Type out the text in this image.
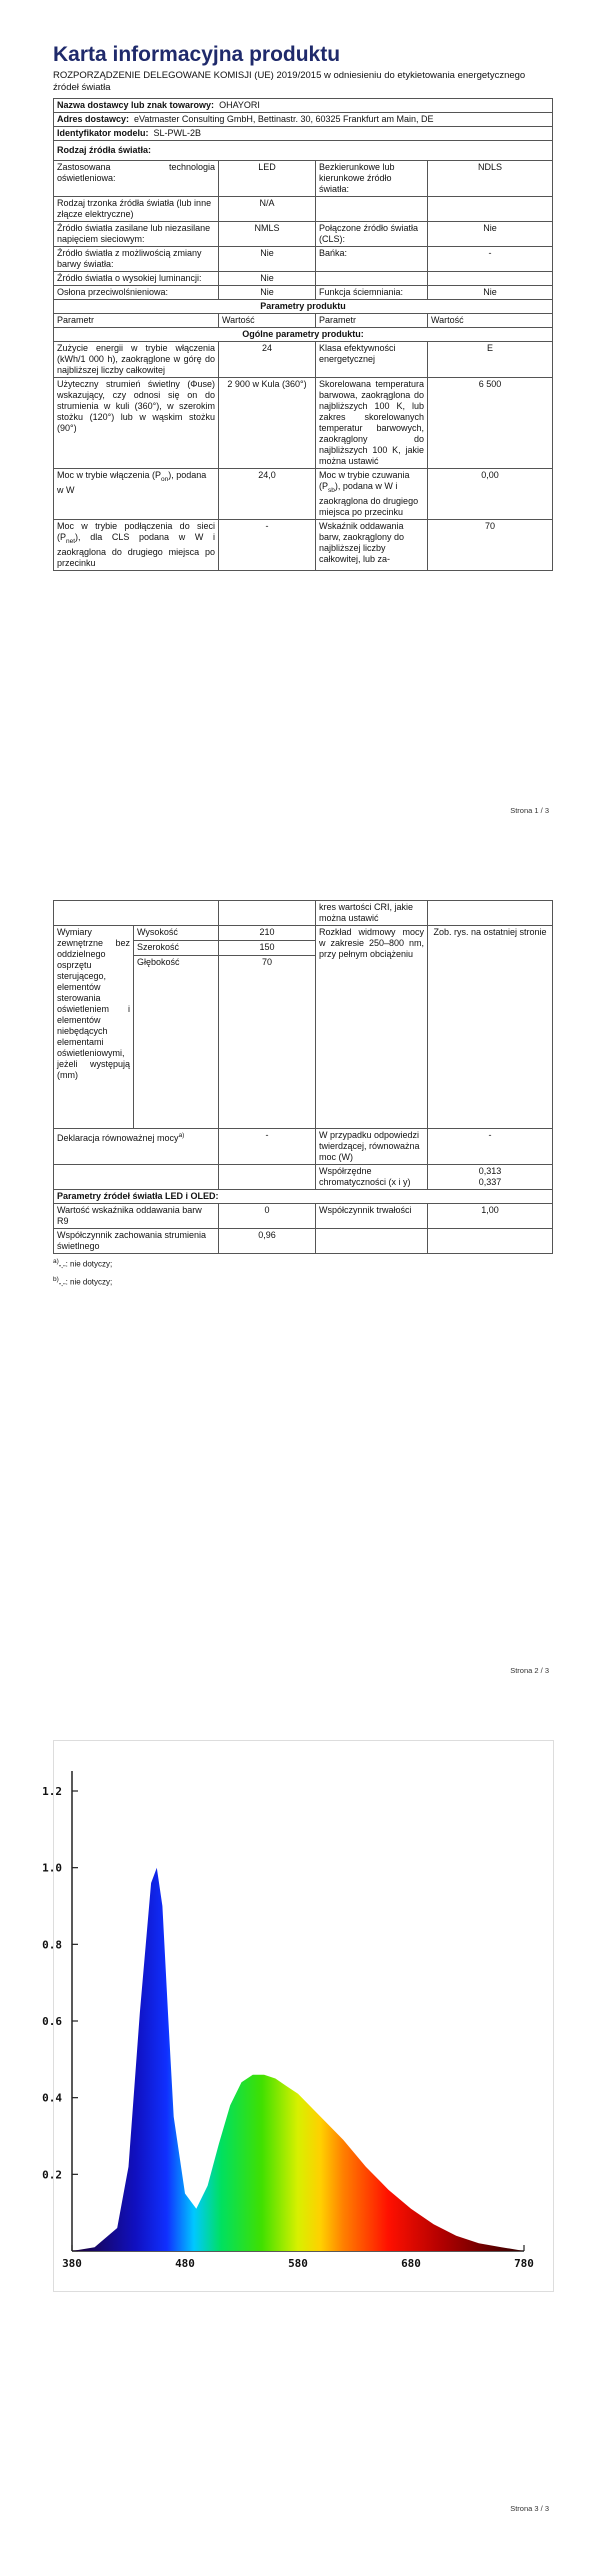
Karta informacyjna produktu
ROZPORZĄDZENIE DELEGOWANE KOMISJI (UE) 2019/2015 w odniesieniu do etykietowania energetycznego źródeł światła
Nazwa dostawcy lub znak towarowy: OHAYORI			
Adres dostawcy: eVatmaster Consulting GmbH, Bettinastr. 30, 60325 Frankfurt am Main, DE			
Identyfikator modelu: SL-PWL-2B			
Rodzaj źródła światła:			
Zastosowana technologia oświetleniowa:	LED	Bezkierunkowe lub kierunkowe źródło światła:	NDLS
Rodzaj trzonka źródła światła (lub inne złącze elektryczne)	N/A		
Źródło światła zasilane lub niezasilane napięciem sieciowym:	NMLS	Połączone źródło światła (CLS):	Nie
Źródło światła z możliwością zmiany barwy światła:	Nie	Bańka:	-
Źródło światła o wysokiej luminancji:	Nie		
Osłona przeciwolśnieniowa:	Nie	Funkcja ściemniania:	Nie
Parametry produktu			
Parametr	Wartość	Parametr	Wartość
Ogólne parametry produktu:			
Zużycie energii w trybie włączenia (kWh/1 000 h), zaokrąglone w górę do najbliższej liczby całkowitej	24	Klasa efektywności energetycznej	E
Użyteczny strumień świetlny (Φuse) wskazujący, czy odnosi się on do strumienia w kuli (360°), w szerokim stożku (120°) lub w wąskim stożku (90°)	2 900 w Kula (360°)	Skorelowana temperatura barwowa, zaokrąglona do najbliższych 100 K, lub zakres skorelowanych temperatur barwowych, zaokrąglony do najbliższych 100 K, jakie można ustawić	6 500
Moc w trybie włączenia $(P_{on})$, podana w W	24,0	Moc w trybie czuwania $(P_{sb})$, podana w W i zaokrąglona do drugiego miejsca po przecinku	0,00
Moc w trybie podłączenia do sieci $(P_{net})$, dla CLS podana w W i zaokrąglona do drugiego miejsca po przecinku	-	Wskaźnik oddawania barw, zaokrąglony do najbliższej liczby całkowitej, lub za-	70
Strona 1 / 3
			kres wartości CRI, jakie można ustawić	
Wymiary zewnętrzne bez oddzielnego osprzętu sterującego, elementów sterowania oświetleniem i elementów niebędących elementami oświetleniowymi, jeżeli występują (mm)	Wysokość	210	Rozkład widmowy mocy w zakresie 250–800 nm, przy pełnym obciążeniu	Zob. rys. na ostatniej stronie
	Szerokość	150		
	Głębokość	70		
Deklaracja równoważnej mocy$^{a)}$		-	W przypadku odpowiedzi twierdzącej, równoważna moc (W)	-
			Współrzędne chromatyczności (x i y)	0,313
0,337

Parametry źródeł światła LED i OLED:				
Wartość wskaźnika oddawania barw R9		0	Współczynnik trwałości	1,00
Współczynnik zachowania strumienia świetlnego		0,96		
$^{a)}_{"-"}$: nie dotyczy;
$^{b)}_{"-"}$: nie dotyczy;
Strona 2 / 3
0.2
0.4
0.6
0.8
1.0
1.2
380	480	580	680	780
Strona 3 / 3
